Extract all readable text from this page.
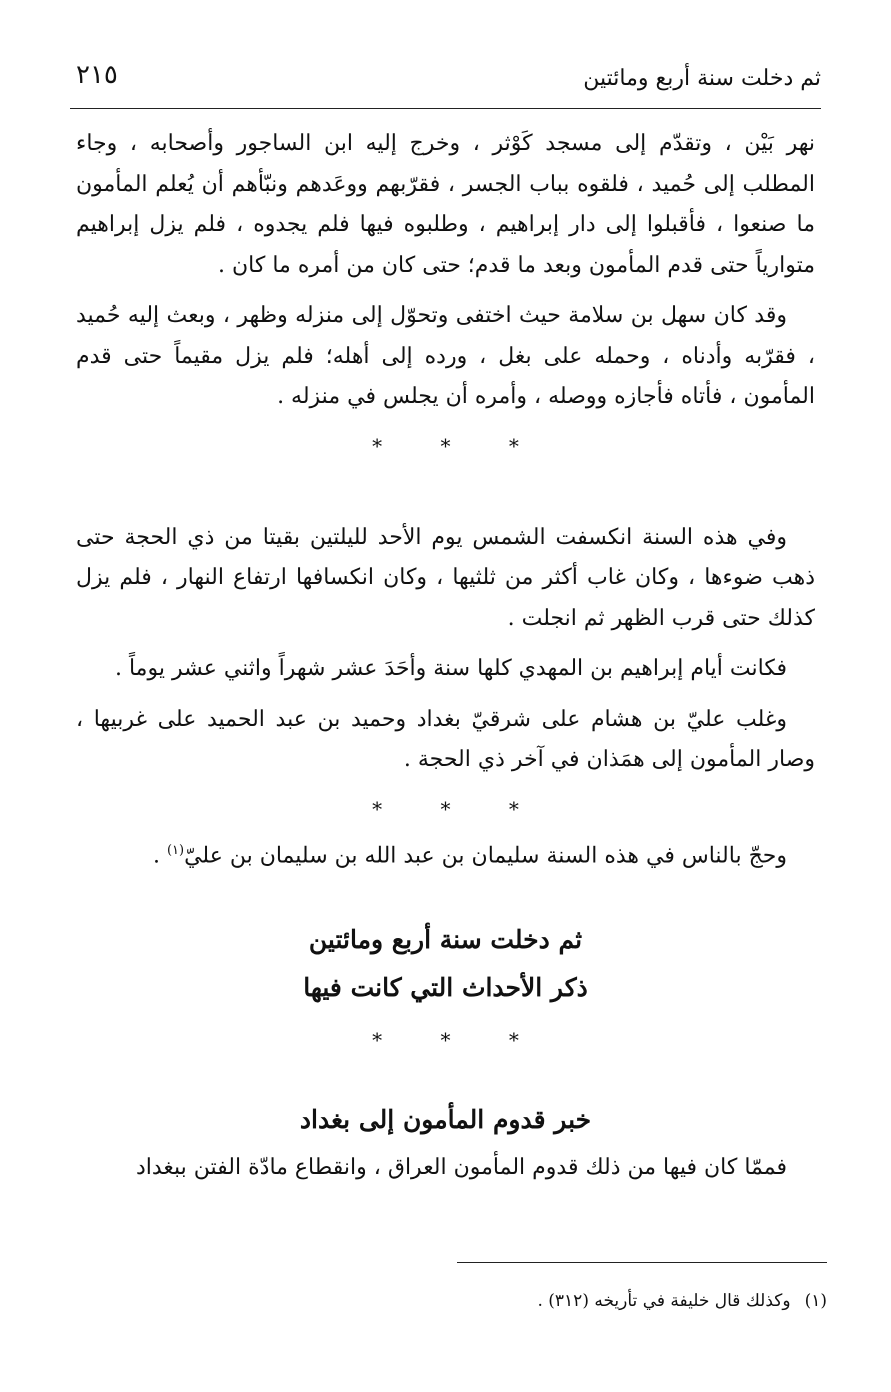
ثم دخلت سنة أربع ومائتين
٢١٥

نهر بَيْن ، وتقدّم إلى مسجد كَوْثر ، وخرج إليه ابن الساجور وأصحابه ، وجاء المطلب إلى حُميد ، فلقوه بباب الجسر ، فقرّبهم ووعَدهم ونبّأهم أن يُعلم المأمون ما صنعوا ، فأقبلوا إلى دار إبراهيم ، وطلبوه فيها فلم يجدوه ، فلم يزل إبراهيم متوارياً حتى قدم المأمون وبعد ما قدم؛ حتى كان من أمره ما كان .

وقد كان سهل بن سلامة حيث اختفى وتحوّل إلى منزله وظهر ، وبعث إليه حُميد ، فقرّبه وأدناه ، وحمله على بغل ، ورده إلى أهله؛ فلم يزل مقيماً حتى قدم المأمون ، فأتاه فأجازه ووصله ، وأمره أن يجلس في منزله .

* * *

وفي هذه السنة انكسفت الشمس يوم الأحد لليلتين بقيتا من ذي الحجة حتى ذهب ضوءها ، وكان غاب أكثر من ثلثيها ، وكان انكسافها ارتفاع النهار ، فلم يزل كذلك حتى قرب الظهر ثم انجلت .

فكانت أيام إبراهيم بن المهدي كلها سنة وأحَدَ عشر شهراً واثني عشر يوماً .

وغلب عليّ بن هشام على شرقيّ بغداد وحميد بن عبد الحميد على غربيها ، وصار المأمون إلى همَذان في آخر ذي الحجة .

* * *

وحجّ بالناس في هذه السنة سليمان بن عبد الله بن سليمان بن عليّ$^{(١)}$ .

ثم دخلت سنة أربع ومائتين

ذكر الأحداث التي كانت فيها

* * *

خبر قدوم المأمون إلى بغداد

فممّا كان فيها من ذلك قدوم المأمون العراق ، وانقطاع مادّة الفتن ببغداد

(١)وكذلك قال خليفة في تأريخه (٣١٢) .
